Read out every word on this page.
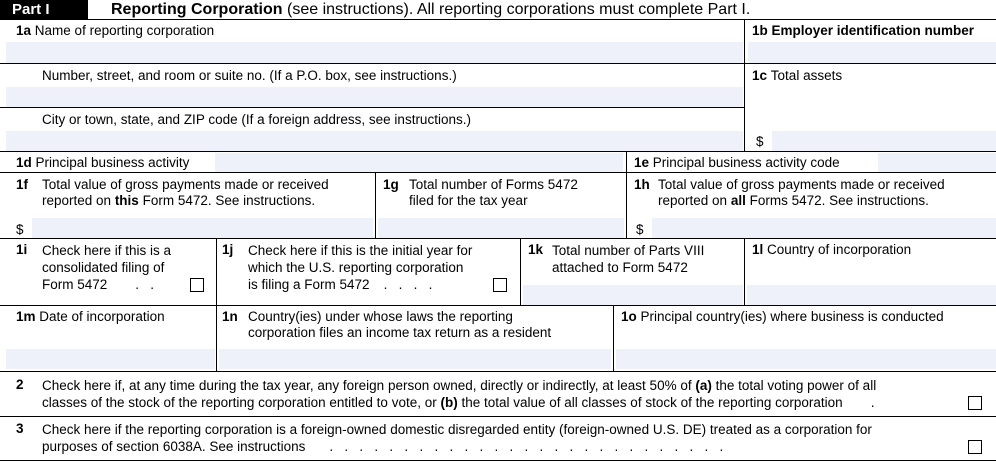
Part I	Reporting Corporation (see instructions). All reporting corporations must complete Part I.
1a Name of reporting corporation	1b Employer identification number
Number, street, and room or suite no. (If a P.O. box, see instructions.)	1c Total assets
$
City or town, state, and ZIP code (If a foreign address, see instructions.)
1d Principal business activity	1e Principal business activity code
1f Total value of gross payments made or received
reported on this Form 5472. See instructions.
$
1g Total number of Forms 5472
filed for the tax year
1h Total value of gross payments made or received
reported on all Forms 5472. See instructions.
$
1i Check here if this is a
consolidated filing of
Form 5472 .   .
1j Check here if this is the initial year for
which the U.S. reporting corporation
is filing a Form 5472 .   .   .   .
1k Total number of Parts VIII
attached to Form 5472
1l Country of incorporation
1m Date of incorporation	1n Country(ies) under whose laws the reporting
corporation files an income tax return as a resident
1o Principal country(ies) where business is conducted
2 Check here if, at any time during the tax year, any foreign person owned, directly or indirectly, at least 50% of (a) the total voting power of all
classes of the stock of the reporting corporation entitled to vote, or (b) the total value of all classes of stock of the reporting corporation .
3 Check here if the reporting corporation is a foreign-owned domestic disregarded entity (foreign-owned U.S. DE) treated as a corporation for
purposes of section 6038A. See instructions .   .   .   .   .   .   .   .   .   .   .   .   .   .   .   .   .   .   .   .   .   .   .   .   .   .   .
